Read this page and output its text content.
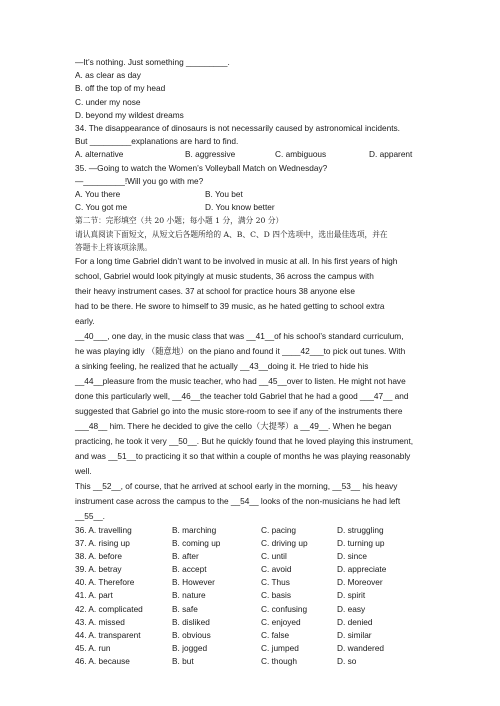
—It’s nothing. Just something _________.
A. as clear as day
B. off the top of my head
C. under my nose
D. beyond my wildest dreams
34. The disappearance of dinosaurs is not necessarily caused by astronomical incidents.
But _________explanations are hard to find.
A. alternative	B. aggressive	C. ambiguous	D. apparent
35. —Going to watch the Women’s Volleyball Match on Wednesday?
—_________!Will you go with me?
A. You there	B. You bet
C. You got me	D. You know better
第二节：完形填空（共 20 小题；每小题 1 分，满分 20 分）
请认真阅读下面短文，从短文后各题所给的 A、B、C、D 四个选项中，选出最佳选项，并在
答题卡上将该项涂黑。
For a long time Gabriel didn’t want to be involved in music at all. In his first years of high
school, Gabriel would look pityingly at music students, 36 across the campus with
their heavy instrument cases. 37 at school for practice hours 38 anyone else
had to be there. He swore to himself to 39 music, as he hated getting to school extra
early.
__40___, one day, in the music class that was __41__of his school’s standard curriculum,
he was playing idly （随意地）on the piano and found it ____42___to pick out tunes. With
a sinking feeling, he realized that he actually __43__doing it. He tried to hide his
__44__pleasure from the music teacher, who had __45__over to listen. He might not have
done this particularly well, __46__the teacher told Gabriel that he had a good ___47__ and
suggested that Gabriel go into the music store-room to see if any of the instruments there
___48__ him. There he decided to give the cello（大提琴）a __49__. When he began
practicing, he took it very __50__. But he quickly found that he loved playing this instrument,
and was __51__to practicing it so that within a couple of months he was playing reasonably
well.
This __52__, of course, that he arrived at school early in the morning, __53__ his heavy
instrument case across the campus to the __54__ looks of the non-musicians he had left
__55__.
36. A. travelling	B. marching	C. pacing	D. struggling
37. A. rising up	B. coming up	C. driving up	D. turning up
38. A. before	B. after	C. until	D. since
39. A. betray	B. accept	C. avoid	D. appreciate
40. A. Therefore	B. However	C. Thus	D. Moreover
41. A. part	B. nature	C. basis	D. spirit
42. A. complicated	B. safe	C. confusing	D. easy
43. A. missed	B. disliked	C. enjoyed	D. denied
44. A. transparent	B. obvious	C. false	D. similar
45. A. run	B. jogged	C. jumped	D. wandered
46. A. because	B. but	C. though	D. so
